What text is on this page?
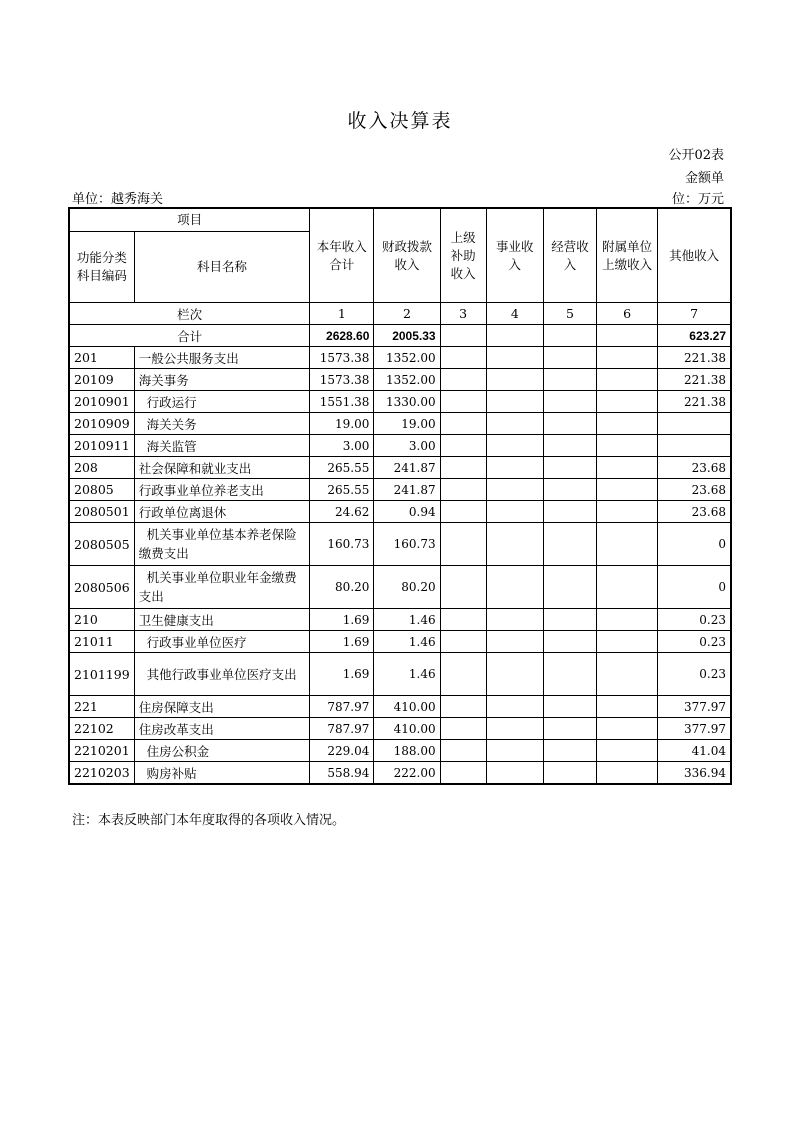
收入决算表
公开02表
金额单
位：万元
单位：越秀海关
项目		本年收入合计	财政拨款收入	上级补助收入	事业收入	经营收入	附属单位上缴收入	其他收入
功能分类科目编码	科目名称							
栏次		1	2	3	4	5	6	7
合计		2628.60	2005.33					623.27
201	一般公共服务支出	1573.38	1352.00					221.38
20109	海关事务	1573.38	1352.00					221.38
2010901	行政运行	1551.38	1330.00					221.38
2010909	海关关务	19.00	19.00					
2010911	海关监管	3.00	3.00					
208	社会保障和就业支出	265.55	241.87					23.68
20805	行政事业单位养老支出	265.55	241.87					23.68
2080501	行政单位离退休	24.62	0.94					23.68
2080505	机关事业单位基本养老保险缴费支出	160.73	160.73					0
2080506	机关事业单位职业年金缴费支出	80.20	80.20					0
210	卫生健康支出	1.69	1.46					0.23
21011	行政事业单位医疗	1.69	1.46					0.23
2101199	其他行政事业单位医疗支出	1.69	1.46					0.23
221	住房保障支出	787.97	410.00					377.97
22102	住房改革支出	787.97	410.00					377.97
2210201	住房公积金	229.04	188.00					41.04
2210203	购房补贴	558.94	222.00					336.94
注：本表反映部门本年度取得的各项收入情况。
